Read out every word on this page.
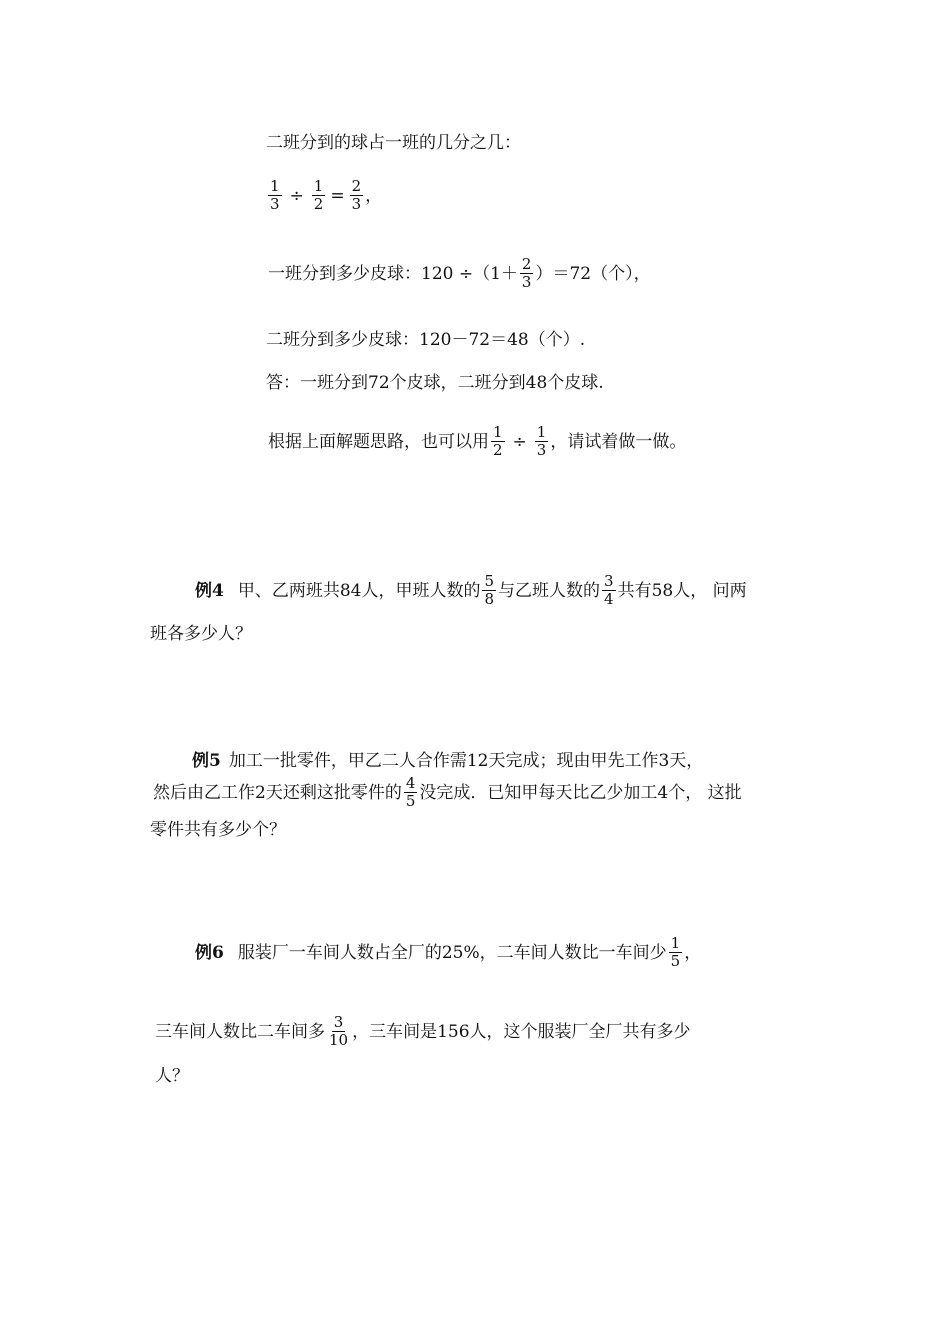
二班分到的球占一班的几分之几：
$\frac{1}{3} \div \frac{1}{2} = \frac{2}{3}$ ，
一班分到多少皮球：$120 \div(1+ \frac{2}{3} )=72$（个），
二班分到多少皮球：120－72＝48（个）.
答：一班分到72个皮球，二班分到48个皮球.
根据上面解题思路，也可以用 $\frac{1}{2} \div \frac{1}{3}$ ，请试着做一做。
例4 甲、乙两班共84人，甲班人数的 $\frac{5}{8}$ 与乙班人数的 $\frac{3}{4}$ 共有58人， 问两
班各多少人？
例5 加工一批零件，甲乙二人合作需12天完成；现由甲先工作3天，
然后由乙工作2天还剩这批零件的 $\frac{4}{5}$ 没完成．已知甲每天比乙少加工4个， 这批
零件共有多少个？
例6 服装厂一车间人数占全厂的25%，二车间人数比一车间少 $\frac{1}{5}$ ，
三车间人数比二车间多 $\frac{3}{10}$ ，三车间是156人，这个服装厂全厂共有多少
人？
